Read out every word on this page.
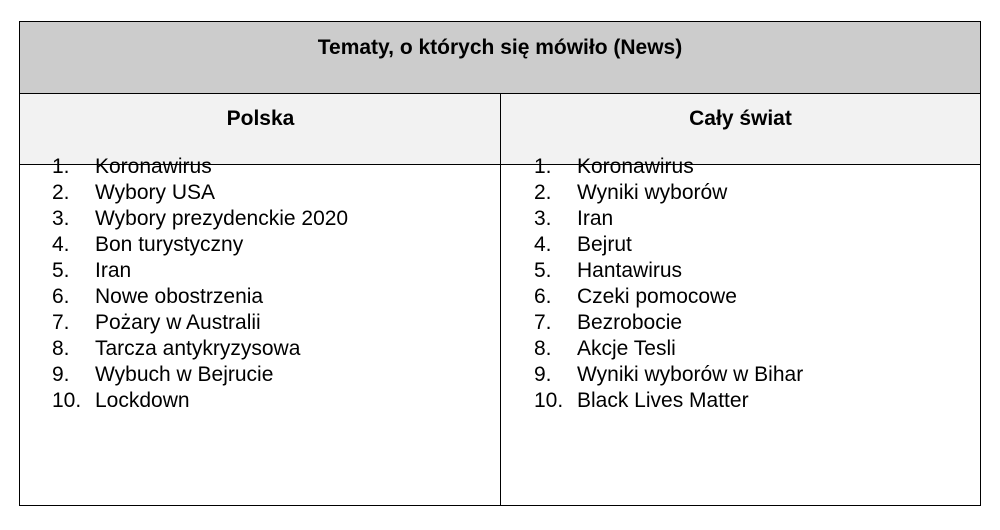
Tematy, o których się mówiło (News)
Polska	Cały świat
1. Koronawirus
2. Wybory USA
3. Wybory prezydenckie 2020
4. Bon turystyczny
5. Iran
6. Nowe obostrzenia
7. Pożary w Australii
8. Tarcza antykryzysowa
9. Wybuch w Bejrucie
10. Lockdown
1. Koronawirus
2. Wyniki wyborów
3. Iran
4. Bejrut
5. Hantawirus
6. Czeki pomocowe
7. Bezrobocie
8. Akcje Tesli
9. Wyniki wyborów w Bihar
10. Black Lives Matter
